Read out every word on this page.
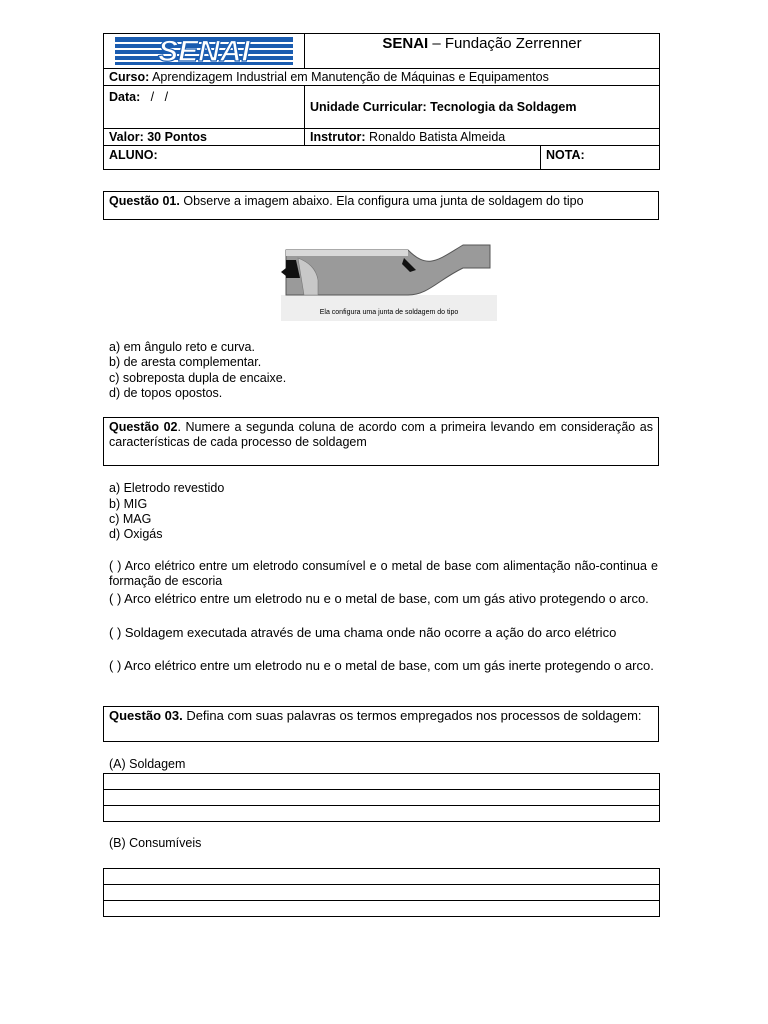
SENAI	SENAI – Fundação Zerrenner	
Curso: Aprendizagem Industrial em Manutenção de Máquinas e Equipamentos		
Data:   /   /	Unidade Curricular: Tecnologia da Soldagem	
Valor: 30 Pontos	Instrutor: Ronaldo Batista Almeida	
ALUNO:		NOTA:
Questão 01. Observe a imagem abaixo. Ela configura uma junta de soldagem do tipo
Ela configura uma junta de soldagem do tipo
a) em ângulo reto e curva.
b) de aresta complementar.
c) sobreposta dupla de encaixe.
d) de topos opostos.
Questão 02. Numere a segunda coluna de acordo com a primeira levando em consideração as características de cada processo de soldagem
a) Eletrodo revestido
b) MIG
c) MAG
d) Oxigás
( ) Arco elétrico entre um eletrodo consumível e o metal de base com alimentação não-continua e formação de escoria
( ) Arco elétrico entre um eletrodo nu e o metal de base, com um gás ativo protegendo o arco.
( ) Soldagem executada através de uma chama onde não ocorre a ação do arco elétrico
( ) Arco elétrico entre um eletrodo nu e o metal de base, com um gás inerte protegendo o arco.
Questão 03. Defina com suas palavras os termos empregados nos processos de soldagem:
(A) Soldagem

(B) Consumíveis
